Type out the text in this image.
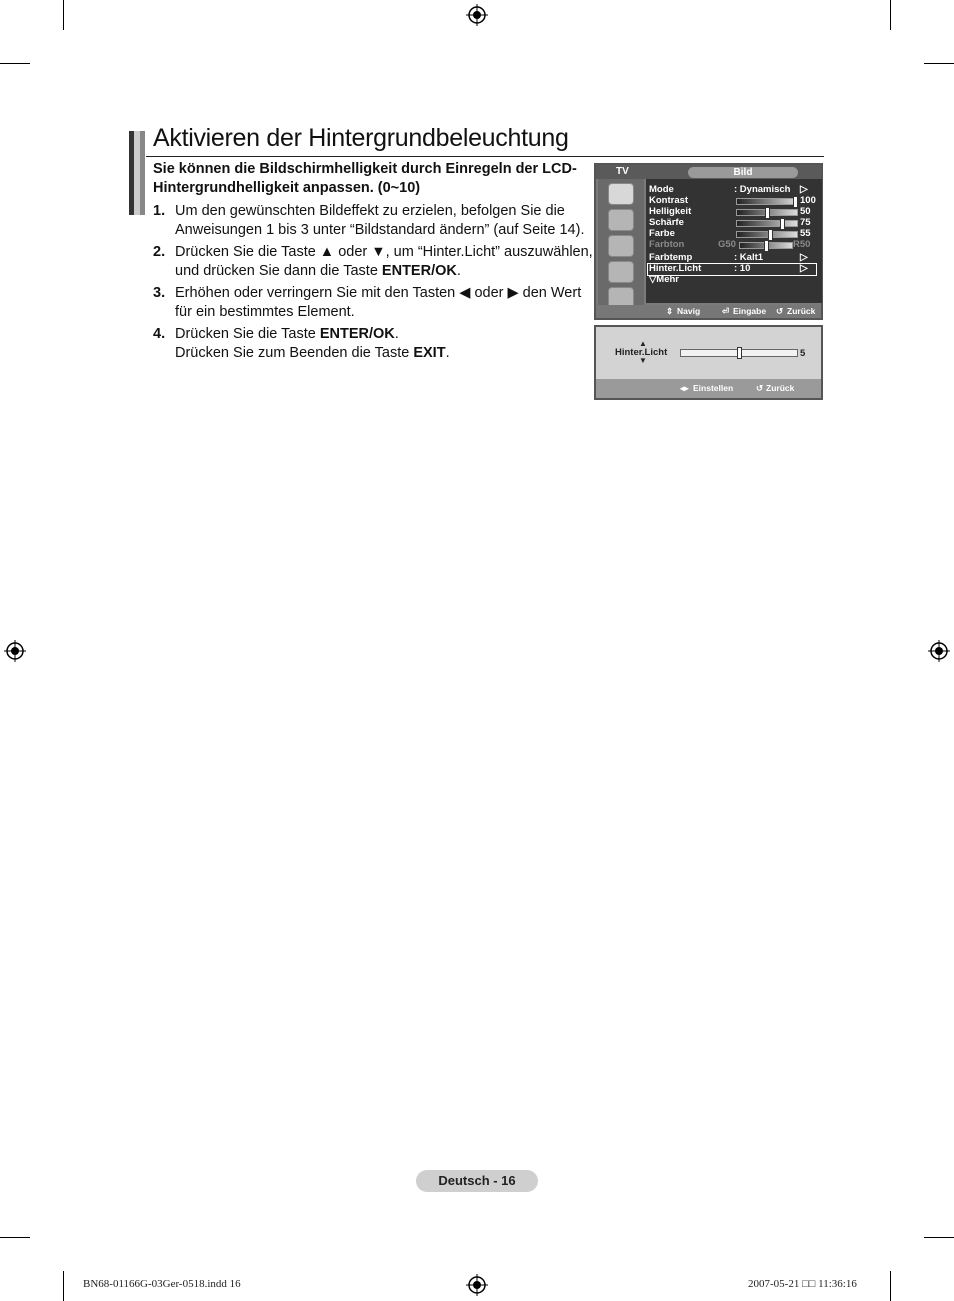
Aktivieren der Hintergrundbeleuchtung
Sie können die Bildschirmhelligkeit durch Einregeln der LCD-Hintergrundhelligkeit anpassen. (0~10)
1. Um den gewünschten Bildeffekt zu erzielen, befolgen Sie die Anweisungen 1 bis 3 unter “Bildstandard ändern” (auf Seite 14).
2. Drücken Sie die Taste ▲ oder ▼, um “Hinter.Licht” auszuwählen, und drücken Sie dann die Taste ENTER/OK.
3. Erhöhen oder verringern Sie mit den Tasten ◀ oder ▶ den Wert für ein bestimmtes Element.
4. Drücken Sie die Taste ENTER/OK.
Drücken Sie zum Beenden die Taste EXIT.
TV	Bild
Mode	: Dynamisch ▷
Kontrast	100
Helligkeit	50
Schärfe	75
Farbe	55
Farbton	G50	R50
Farbtemp	: Kalt1	▷
Hinter.Licht	: 10	▷
▽Mehr
⇕ Navig	⏎ Eingabe ↺ Zurück
▲
Hinter.Licht
▼
5
◂▸ Einstellen	↺ Zurück
Deutsch - 16
BN68-01166G-03Ger-0518.indd 16	2007-05-21 □□ 11:36:16
